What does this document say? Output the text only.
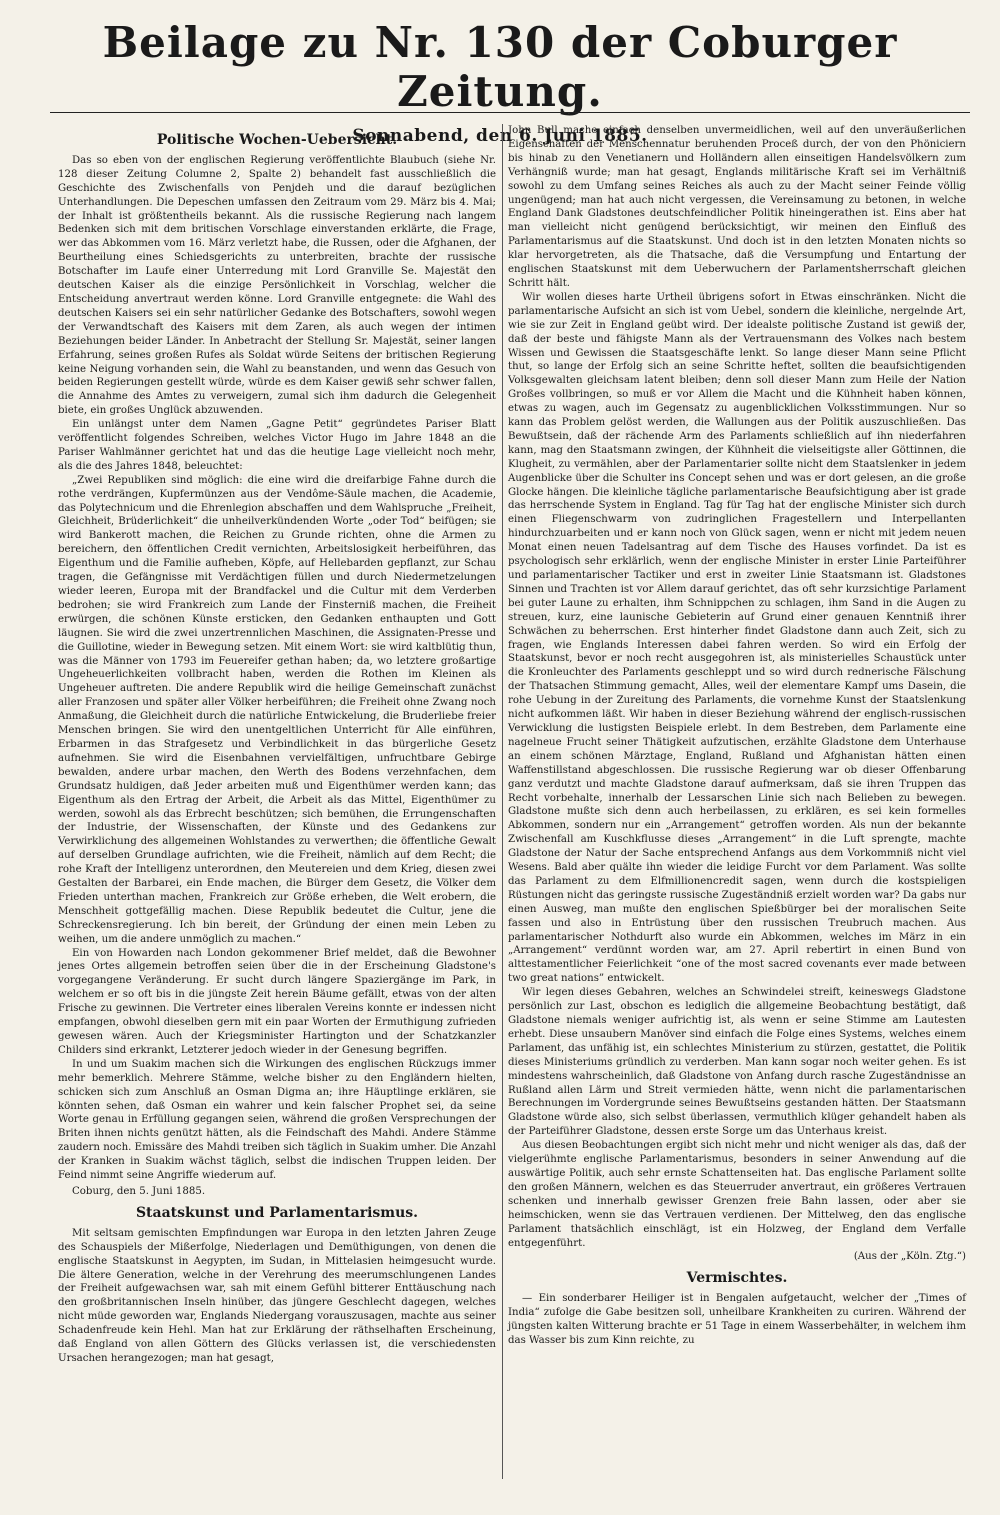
Beilage zu Nr. 130 der Coburger Zeitung.
Sonnabend, den 6. Juni 1885.
Politische Wochen-Uebersicht.

Das so eben von der englischen Regierung veröffentlichte Blaubuch (siehe Nr. 128 dieser Zeitung Columne 2, Spalte 2) behandelt fast ausschließlich die Geschichte des Zwischenfalls von Penjdeh und die darauf bezüglichen Unterhandlungen. Die Depeschen umfassen den Zeitraum vom 29. März bis 4. Mai; der Inhalt ist größtentheils bekannt. Als die russische Regierung nach langem Bedenken sich mit dem britischen Vorschlage einverstanden erklärte, die Frage, wer das Abkommen vom 16. März verletzt habe, die Russen, oder die Afghanen, der Beurtheilung eines Schiedsgerichts zu unterbreiten, brachte der russische Botschafter im Laufe einer Unterredung mit Lord Granville Se. Majestät den deutschen Kaiser als die einzige Persönlichkeit in Vorschlag, welcher die Entscheidung anvertraut werden könne. Lord Granville entgegnete: die Wahl des deutschen Kaisers sei ein sehr natürlicher Gedanke des Botschafters, sowohl wegen der Verwandtschaft des Kaisers mit dem Zaren, als auch wegen der intimen Beziehungen beider Länder. In Anbetracht der Stellung Sr. Majestät, seiner langen Erfahrung, seines großen Rufes als Soldat würde Seitens der britischen Regierung keine Neigung vorhanden sein, die Wahl zu beanstanden, und wenn das Gesuch von beiden Regierungen gestellt würde, würde es dem Kaiser gewiß sehr schwer fallen, die Annahme des Amtes zu verweigern, zumal sich ihm dadurch die Gelegenheit biete, ein großes Unglück abzuwenden.

Ein unlängst unter dem Namen „Gagne Petit“ gegründetes Pariser Blatt veröffentlicht folgendes Schreiben, welches Victor Hugo im Jahre 1848 an die Pariser Wahlmänner gerichtet hat und das die heutige Lage vielleicht noch mehr, als die des Jahres 1848, beleuchtet:

„Zwei Republiken sind möglich: die eine wird die dreifarbige Fahne durch die rothe verdrängen, Kupfermünzen aus der Vendôme-Säule machen, die Academie, das Polytechnicum und die Ehrenlegion abschaffen und dem Wahlspruche „Freiheit, Gleichheit, Brüderlichkeit“ die unheilverkündenden Worte „oder Tod“ beifügen; sie wird Bankerott machen, die Reichen zu Grunde richten, ohne die Armen zu bereichern, den öffentlichen Credit vernichten, Arbeitslosigkeit herbeiführen, das Eigenthum und die Familie aufheben, Köpfe, auf Hellebarden gepflanzt, zur Schau tragen, die Gefängnisse mit Verdächtigen füllen und durch Niedermetzelungen wieder leeren, Europa mit der Brandfackel und die Cultur mit dem Verderben bedrohen; sie wird Frankreich zum Lande der Finsterniß machen, die Freiheit erwürgen, die schönen Künste ersticken, den Gedanken enthaupten und Gott läugnen. Sie wird die zwei unzertrennlichen Maschinen, die Assignaten-Presse und die Guillotine, wieder in Bewegung setzen. Mit einem Wort: sie wird kaltblütig thun, was die Männer von 1793 im Feuereifer gethan haben; da, wo letztere großartige Ungeheuerlichkeiten vollbracht haben, werden die Rothen im Kleinen als Ungeheuer auftreten. Die andere Republik wird die heilige Gemeinschaft zunächst aller Franzosen und später aller Völker herbeiführen; die Freiheit ohne Zwang noch Anmaßung, die Gleichheit durch die natürliche Entwickelung, die Bruderliebe freier Menschen bringen. Sie wird den unentgeltlichen Unterricht für Alle einführen, Erbarmen in das Strafgesetz und Verbindlichkeit in das bürgerliche Gesetz aufnehmen. Sie wird die Eisenbahnen vervielfältigen, unfruchtbare Gebirge bewalden, andere urbar machen, den Werth des Bodens verzehnfachen, dem Grundsatz huldigen, daß Jeder arbeiten muß und Eigenthümer werden kann; das Eigenthum als den Ertrag der Arbeit, die Arbeit als das Mittel, Eigenthümer zu werden, sowohl als das Erbrecht beschützen; sich bemühen, die Errungenschaften der Industrie, der Wissenschaften, der Künste und des Gedankens zur Verwirklichung des allgemeinen Wohlstandes zu verwerthen; die öffentliche Gewalt auf derselben Grundlage aufrichten, wie die Freiheit, nämlich auf dem Recht; die rohe Kraft der Intelligenz unterordnen, den Meutereien und dem Krieg, diesen zwei Gestalten der Barbarei, ein Ende machen, die Bürger dem Gesetz, die Völker dem Frieden unterthan machen, Frankreich zur Größe erheben, die Welt erobern, die Menschheit gottgefällig machen. Diese Republik bedeutet die Cultur, jene die Schreckensregierung. Ich bin bereit, der Gründung der einen mein Leben zu weihen, um die andere unmöglich zu machen.“

Ein von Howarden nach London gekommener Brief meldet, daß die Bewohner jenes Ortes allgemein betroffen seien über die in der Erscheinung Gladstone's vorgegangene Veränderung. Er sucht durch längere Spaziergänge im Park, in welchem er so oft bis in die jüngste Zeit herein Bäume gefällt, etwas von der alten Frische zu gewinnen. Die Vertreter eines liberalen Vereins konnte er indessen nicht empfangen, obwohl dieselben gern mit ein paar Worten der Ermuthigung zufrieden gewesen wären. Auch der Kriegsminister Hartington und der Schatzkanzler Childers sind erkrankt, Letzterer jedoch wieder in der Genesung begriffen.

In und um Suakim machen sich die Wirkungen des englischen Rückzugs immer mehr bemerklich. Mehrere Stämme, welche bisher zu den Engländern hielten, schicken sich zum Anschluß an Osman Digma an; ihre Häuptlinge erklären, sie könnten sehen, daß Osman ein wahrer und kein falscher Prophet sei, da seine Worte genau in Erfüllung gegangen seien, während die großen Versprechungen der Briten ihnen nichts genützt hätten, als die Feindschaft des Mahdi. Andere Stämme zaudern noch. Emissäre des Mahdi treiben sich täglich in Suakim umher. Die Anzahl der Kranken in Suakim wächst täglich, selbst die indischen Truppen leiden. Der Feind nimmt seine Angriffe wiederum auf.

Coburg, den 5. Juni 1885.

Staatskunst und Parlamentarismus.

Mit seltsam gemischten Empfindungen war Europa in den letzten Jahren Zeuge des Schauspiels der Mißerfolge, Niederlagen und Demüthigungen, von denen die englische Staatskunst in Aegypten, im Sudan, in Mittelasien heimgesucht wurde. Die ältere Generation, welche in der Verehrung des meerumschlungenen Landes der Freiheit aufgewachsen war, sah mit einem Gefühl bitterer Enttäuschung nach den großbritannischen Inseln hinüber, das jüngere Geschlecht dagegen, welches nicht müde geworden war, Englands Niedergang vorauszusagen, machte aus seiner Schadenfreude kein Hehl. Man hat zur Erklärung der räthselhaften Erscheinung, daß England von allen Göttern des Glücks verlassen ist, die verschiedensten Ursachen herangezogen; man hat gesagt,

John Bull mache einfach denselben unvermeidlichen, weil auf den unveräußerlichen Eigenschaften der Menschennatur beruhenden Proceß durch, der von den Phöniciern bis hinab zu den Venetianern und Holländern allen einseitigen Handelsvölkern zum Verhängniß wurde; man hat gesagt, Englands militärische Kraft sei im Verhältniß sowohl zu dem Umfang seines Reiches als auch zu der Macht seiner Feinde völlig ungenügend; man hat auch nicht vergessen, die Vereinsamung zu betonen, in welche England Dank Gladstones deutschfeindlicher Politik hineingerathen ist. Eins aber hat man vielleicht nicht genügend berücksichtigt, wir meinen den Einfluß des Parlamentarismus auf die Staatskunst. Und doch ist in den letzten Monaten nichts so klar hervorgetreten, als die Thatsache, daß die Versumpfung und Entartung der englischen Staatskunst mit dem Ueberwuchern der Parlamentsherrschaft gleichen Schritt hält.

Wir wollen dieses harte Urtheil übrigens sofort in Etwas einschränken. Nicht die parlamentarische Aufsicht an sich ist vom Uebel, sondern die kleinliche, nergelnde Art, wie sie zur Zeit in England geübt wird. Der idealste politische Zustand ist gewiß der, daß der beste und fähigste Mann als der Vertrauensmann des Volkes nach bestem Wissen und Gewissen die Staatsgeschäfte lenkt. So lange dieser Mann seine Pflicht thut, so lange der Erfolg sich an seine Schritte heftet, sollten die beaufsichtigenden Volksgewalten gleichsam latent bleiben; denn soll dieser Mann zum Heile der Nation Großes vollbringen, so muß er vor Allem die Macht und die Kühnheit haben können, etwas zu wagen, auch im Gegensatz zu augenblicklichen Volksstimmungen. Nur so kann das Problem gelöst werden, die Wallungen aus der Politik auszuschließen. Das Bewußtsein, daß der rächende Arm des Parlaments schließlich auf ihn niederfahren kann, mag den Staatsmann zwingen, der Kühnheit die vielseitigste aller Göttinnen, die Klugheit, zu vermählen, aber der Parlamentarier sollte nicht dem Staatslenker in jedem Augenblicke über die Schulter ins Concept sehen und was er dort gelesen, an die große Glocke hängen. Die kleinliche tägliche parlamentarische Beaufsichtigung aber ist grade das herrschende System in England. Tag für Tag hat der englische Minister sich durch einen Fliegenschwarm von zudringlichen Fragestellern und Interpellanten hindurchzuarbeiten und er kann noch von Glück sagen, wenn er nicht mit jedem neuen Monat einen neuen Tadelsantrag auf dem Tische des Hauses vorfindet. Da ist es psychologisch sehr erklärlich, wenn der englische Minister in erster Linie Parteiführer und parlamentarischer Tactiker und erst in zweiter Linie Staatsmann ist. Gladstones Sinnen und Trachten ist vor Allem darauf gerichtet, das oft sehr kurzsichtige Parlament bei guter Laune zu erhalten, ihm Schnippchen zu schlagen, ihm Sand in die Augen zu streuen, kurz, eine launische Gebieterin auf Grund einer genauen Kenntniß ihrer Schwächen zu beherrschen. Erst hinterher findet Gladstone dann auch Zeit, sich zu fragen, wie Englands Interessen dabei fahren werden. So wird ein Erfolg der Staatskunst, bevor er noch recht ausgegohren ist, als ministerielles Schaustück unter die Kronleuchter des Parlaments geschleppt und so wird durch rednerische Fälschung der Thatsachen Stimmung gemacht, Alles, weil der elementare Kampf ums Dasein, die rohe Uebung in der Zureitung des Parlaments, die vornehme Kunst der Staatslenkung nicht aufkommen läßt. Wir haben in dieser Beziehung während der englisch-russischen Verwicklung die lustigsten Beispiele erlebt. In dem Bestreben, dem Parlamente eine nagelneue Frucht seiner Thätigkeit aufzutischen, erzählte Gladstone dem Unterhause an einem schönen Märztage, England, Rußland und Afghanistan hätten einen Waffenstillstand abgeschlossen. Die russische Regierung war ob dieser Offenbarung ganz verdutzt und machte Gladstone darauf aufmerksam, daß sie ihren Truppen das Recht vorbehalte, innerhalb der Lessarschen Linie sich nach Belieben zu bewegen. Gladstone mußte sich denn auch herbeilassen, zu erklären, es sei kein formelles Abkommen, sondern nur ein „Arrangement“ getroffen worden. Als nun der bekannte Zwischenfall am Kuschkflusse dieses „Arrangement“ in die Luft sprengte, machte Gladstone der Natur der Sache entsprechend Anfangs aus dem Vorkommniß nicht viel Wesens. Bald aber quälte ihn wieder die leidige Furcht vor dem Parlament. Was sollte das Parlament zu dem Elfmillionencredit sagen, wenn durch die kostspieligen Rüstungen nicht das geringste russische Zugeständniß erzielt worden war? Da gabs nur einen Ausweg, man mußte den englischen Spießbürger bei der moralischen Seite fassen und also in Entrüstung über den russischen Treubruch machen. Aus parlamentarischer Nothdurft also wurde ein Abkommen, welches im März in ein „Arrangement“ verdünnt worden war, am 27. April rebertirt in einen Bund von alttestamentlicher Feierlichkeit “one of the most sacred covenants ever made between two great nations” entwickelt.

Wir legen dieses Gebahren, welches an Schwindelei streift, keineswegs Gladstone persönlich zur Last, obschon es lediglich die allgemeine Beobachtung bestätigt, daß Gladstone niemals weniger aufrichtig ist, als wenn er seine Stimme am Lautesten erhebt. Diese unsaubern Manöver sind einfach die Folge eines Systems, welches einem Parlament, das unfähig ist, ein schlechtes Ministerium zu stürzen, gestattet, die Politik dieses Ministeriums gründlich zu verderben. Man kann sogar noch weiter gehen. Es ist mindestens wahrscheinlich, daß Gladstone von Anfang durch rasche Zugeständnisse an Rußland allen Lärm und Streit vermieden hätte, wenn nicht die parlamentarischen Berechnungen im Vordergrunde seines Bewußtseins gestanden hätten. Der Staatsmann Gladstone würde also, sich selbst überlassen, vermuthlich klüger gehandelt haben als der Parteiführer Gladstone, dessen erste Sorge um das Unterhaus kreist.

Aus diesen Beobachtungen ergibt sich nicht mehr und nicht weniger als das, daß der vielgerühmte englische Parlamentarismus, besonders in seiner Anwendung auf die auswärtige Politik, auch sehr ernste Schattenseiten hat. Das englische Parlament sollte den großen Männern, welchen es das Steuerruder anvertraut, ein größeres Vertrauen schenken und innerhalb gewisser Grenzen freie Bahn lassen, oder aber sie heimschicken, wenn sie das Vertrauen verdienen. Der Mittelweg, den das englische Parlament thatsächlich einschlägt, ist ein Holzweg, der England dem Verfalle entgegenführt.

(Aus der „Köln. Ztg.“)

Vermischtes.

— Ein sonderbarer Heiliger ist in Bengalen aufgetaucht, welcher der „Times of India“ zufolge die Gabe besitzen soll, unheilbare Krankheiten zu curiren. Während der jüngsten kalten Witterung brachte er 51 Tage in einem Wasserbehälter, in welchem ihm das Wasser bis zum Kinn reichte, zu
